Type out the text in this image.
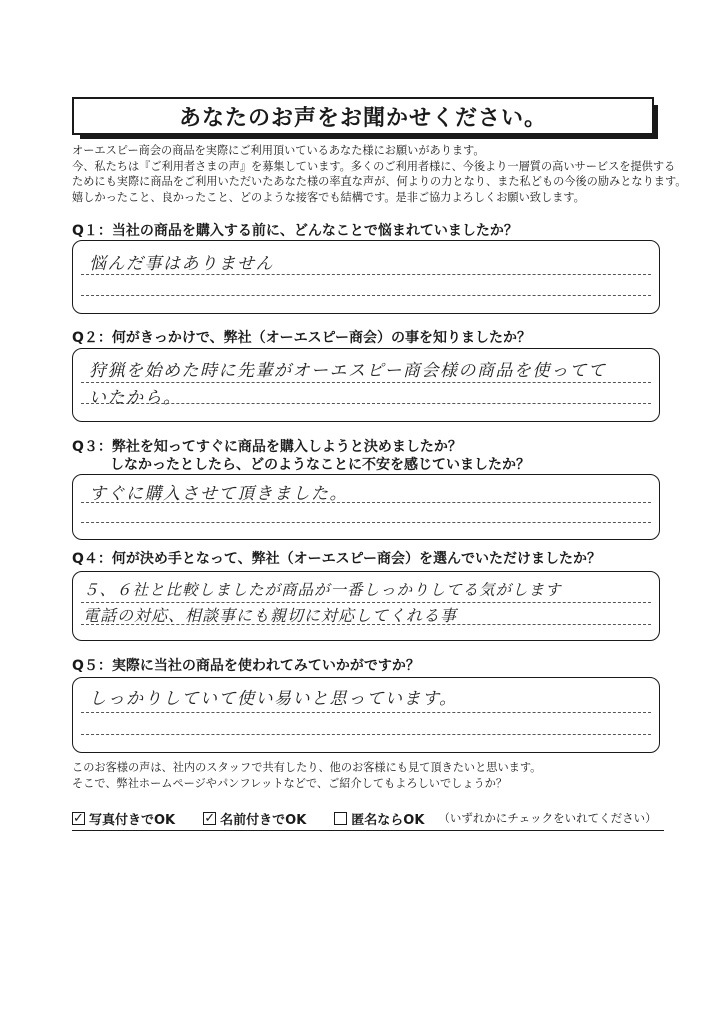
あなたのお声をお聞かせください。
オーエスピー商会の商品を実際にご利用頂いているあなた様にお願いがあります。
今、私たちは『ご利用者さまの声』を募集しています。多くのご利用者様に、今後より一層質の高いサービスを提供する
ためにも実際に商品をご利用いただいたあなた様の率直な声が、何よりの力となり、また私どもの今後の励みとなります。
嬉しかったこと、良かったこと、どのような接客でも結構です。是非ご協力よろしくお願い致します。
Q１：当社の商品を購入する前に、どんなことで悩まれていましたか？
悩んだ事はありません
Q２：何がきっかけで、弊社（オーエスピー商会）の事を知りましたか？
狩猟を始めた時に先輩がオーエスピー商会様の商品を使ってて
いたから。
Q３：弊社を知ってすぐに商品を購入しようと決めましたか？
しなかったとしたら、どのようなことに不安を感じていましたか？
すぐに購入させて頂きました。
Q４：何が決め手となって、弊社（オーエスピー商会）を選んでいただけましたか？
５、６社と比較しましたが商品が一番しっかりしてる気がします
電話の対応、相談事にも親切に対応してくれる事
Q５：実際に当社の商品を使われてみていかがですか？
しっかりしていて使い易いと思っています。
このお客様の声は、社内のスタッフで共有したり、他のお客様にも見て頂きたいと思います。
そこで、弊社ホームページやパンフレットなどで、ご紹介してもよろしいでしょうか？
✓ 写真付きでOK ✓ 名前付きでOK	匿名ならOK （いずれかにチェックをいれてください）
